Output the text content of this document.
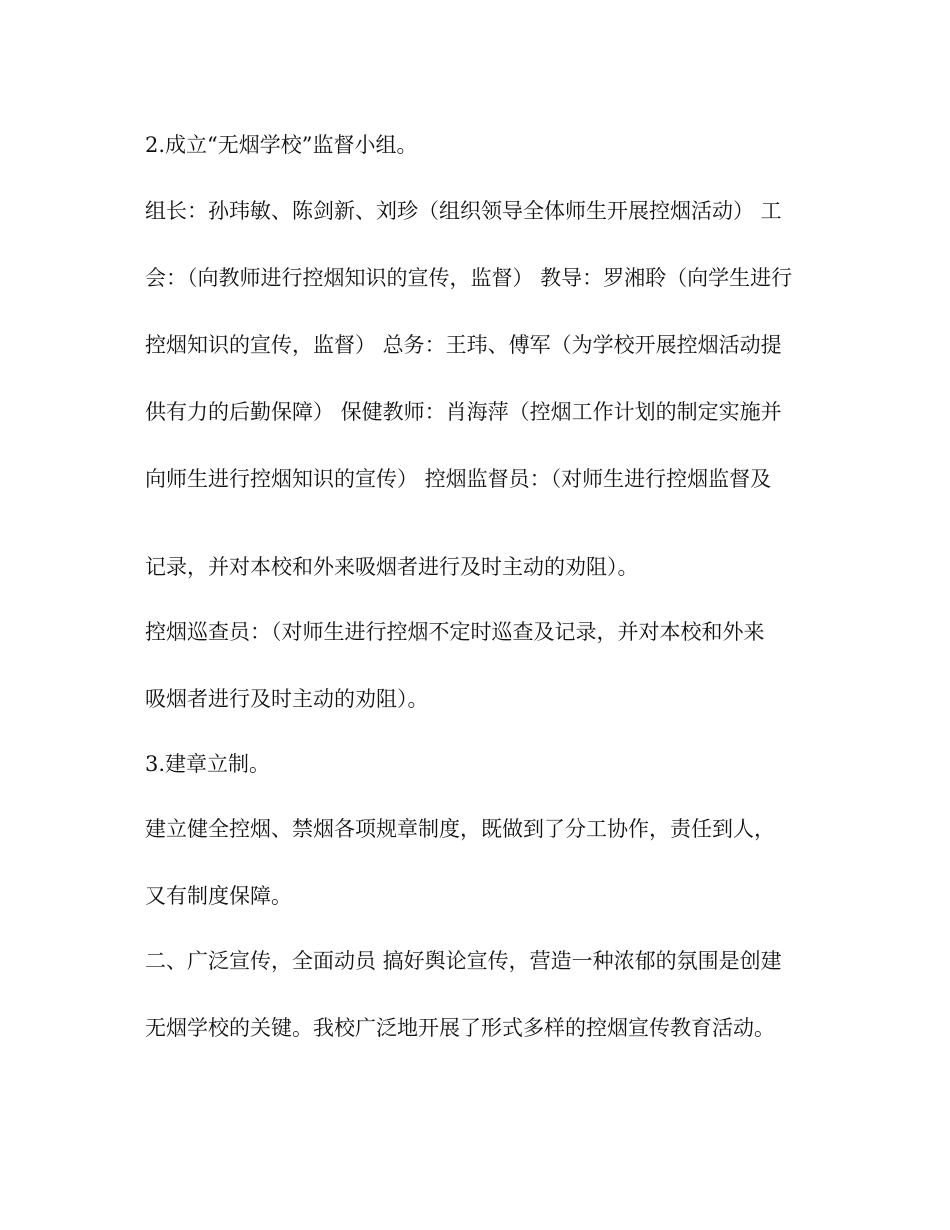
2.成立“无烟学校”监督小组。
组长：孙玮敏、陈剑新、刘珍（组织领导全体师生开展控烟活动） 工
会：（向教师进行控烟知识的宣传，监督） 教导：罗湘聆（向学生进行
控烟知识的宣传，监督） 总务：王玮、傅军（为学校开展控烟活动提
供有力的后勤保障） 保健教师：肖海萍（控烟工作计划的制定实施并
向师生进行控烟知识的宣传） 控烟监督员：（对师生进行控烟监督及
记录，并对本校和外来吸烟者进行及时主动的劝阻）。
控烟巡查员：（对师生进行控烟不定时巡查及记录，并对本校和外来
吸烟者进行及时主动的劝阻）。
3.建章立制。
建立健全控烟、禁烟各项规章制度，既做到了分工协作，责任到人，
又有制度保障。
二、广泛宣传，全面动员 搞好舆论宣传，营造一种浓郁的氛围是创建
无烟学校的关键。我校广泛地开展了形式多样的控烟宣传教育活动。
